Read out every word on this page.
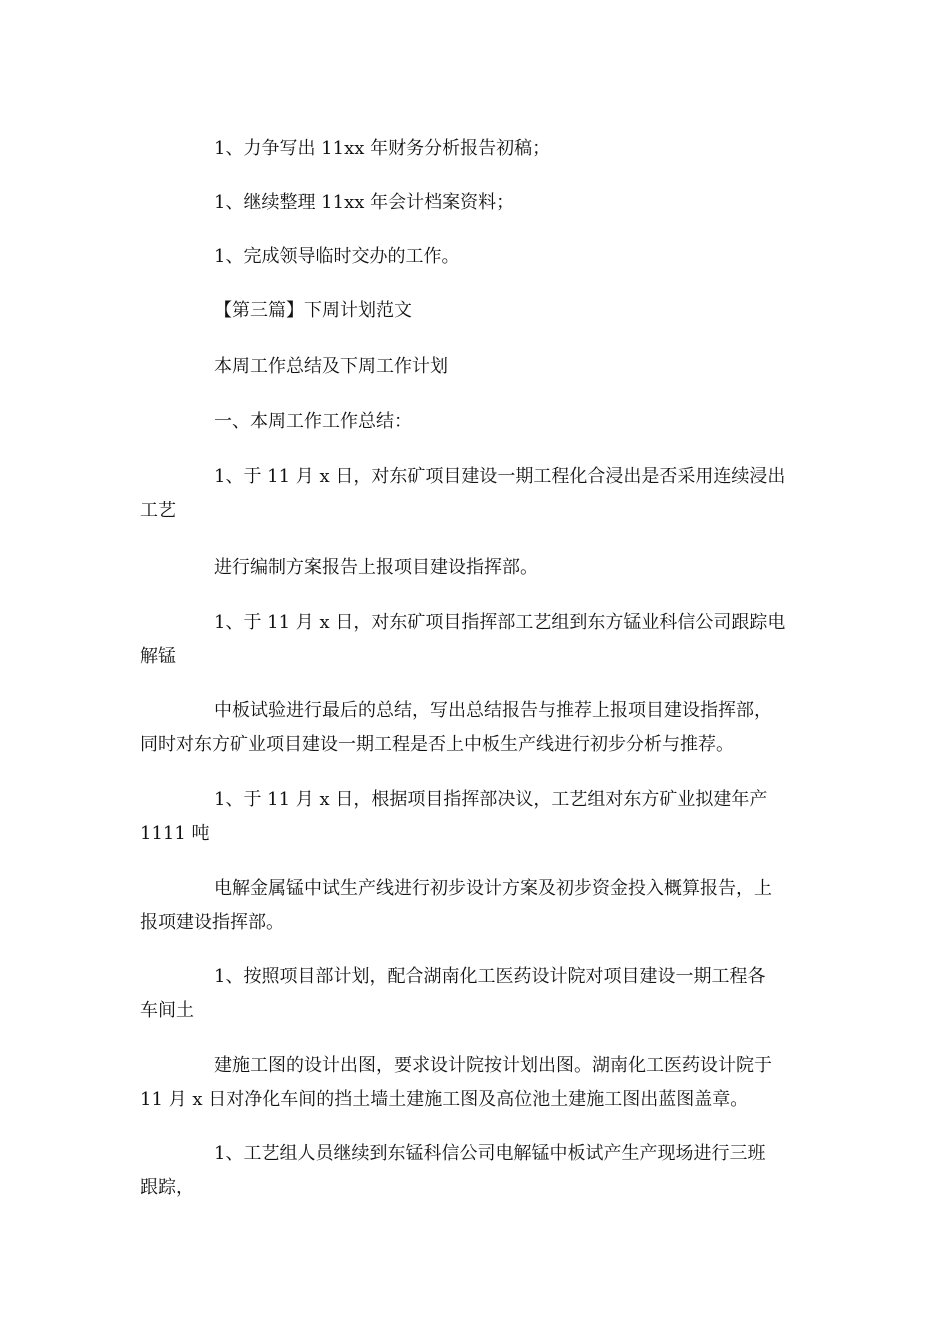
1、力争写出 11xx 年财务分析报告初稿；

1、继续整理 11xx 年会计档案资料；

1、完成领导临时交办的工作。

【第三篇】下周计划范文

本周工作总结及下周工作计划

一、本周工作工作总结：

1、于 11 月 x 日，对东矿项目建设一期工程化合浸出是否采用连续浸出

工艺

进行编制方案报告上报项目建设指挥部。

1、于 11 月 x 日，对东矿项目指挥部工艺组到东方锰业科信公司跟踪电

解锰

中板试验进行最后的总结，写出总结报告与推荐上报项目建设指挥部，

同时对东方矿业项目建设一期工程是否上中板生产线进行初步分析与推荐。

1、于 11 月 x 日，根据项目指挥部决议，工艺组对东方矿业拟建年产

1111 吨

电解金属锰中试生产线进行初步设计方案及初步资金投入概算报告，上

报项建设指挥部。

1、按照项目部计划，配合湖南化工医药设计院对项目建设一期工程各

车间土

建施工图的设计出图，要求设计院按计划出图。湖南化工医药设计院于

11 月 x 日对净化车间的挡土墙土建施工图及高位池土建施工图出蓝图盖章。

1、工艺组人员继续到东锰科信公司电解锰中板试产生产现场进行三班

跟踪，
